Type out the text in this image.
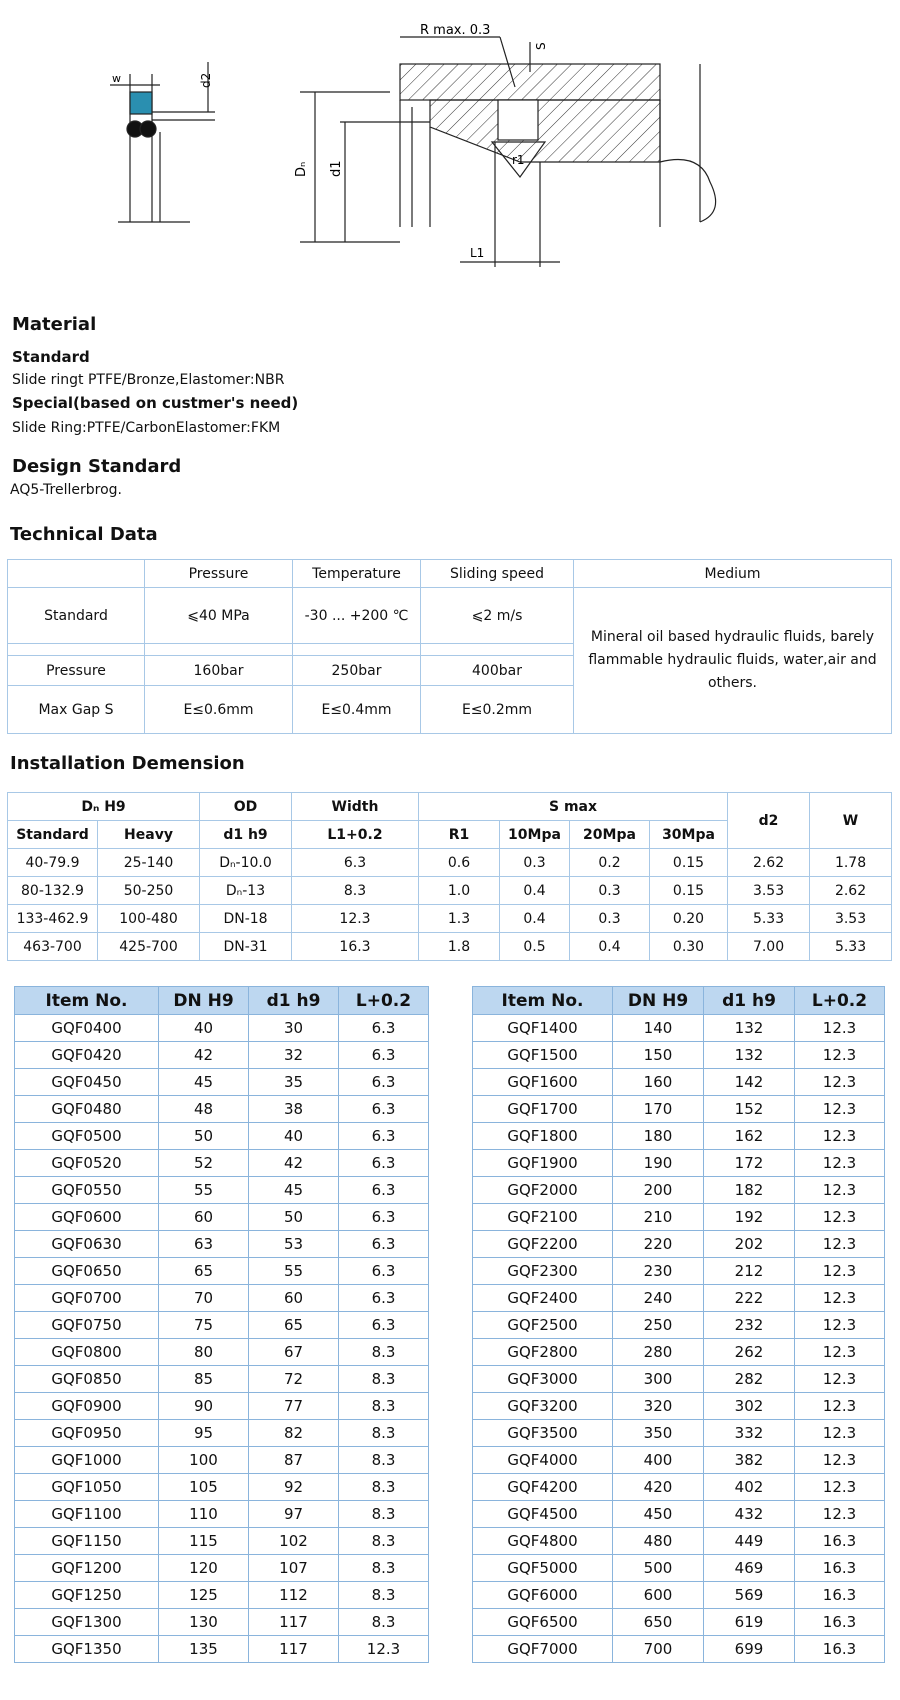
w	d2
R max. 0.3
S
Dₙ d1
r1
L1
Material
Standard
Slide ringt PTFE/Bronze,Elastomer:NBR
Special(based on custmer's need)
Slide Ring:PTFE/CarbonElastomer:FKM
Design Standard
AQ5-Trellerbrog.
Technical Data
	Pressure	Temperature	Sliding speed	Medium
Standard	⩽40 MPa	-30 ... +200 ℃	⩽2 m/s	Mineral oil based hydraulic fluids, barely flammable hydraulic fluids, water,air and others.

Pressure	160bar	250bar	400bar	
Max Gap S	E≤0.6mm	E≤0.4mm	E≤0.2mm	
Installation Demension
Dₙ H9		OD	Width	S max				d2	W
Standard	Heavy	d1 h9	L1+0.2	R1	10Mpa	20Mpa	30Mpa		
40-79.9	25-140	Dₙ-10.0	6.3	0.6	0.3	0.2	0.15	2.62	1.78
80-132.9	50-250	Dₙ-13	8.3	1.0	0.4	0.3	0.15	3.53	2.62
133-462.9	100-480	DN-18	12.3	1.3	0.4	0.3	0.20	5.33	3.53
463-700	425-700	DN-31	16.3	1.8	0.5	0.4	0.30	7.00	5.33
Item No.	DN H9	d1 h9	L+0.2
GQF0400	40	30	6.3
GQF0420	42	32	6.3
GQF0450	45	35	6.3
GQF0480	48	38	6.3
GQF0500	50	40	6.3
GQF0520	52	42	6.3
GQF0550	55	45	6.3
GQF0600	60	50	6.3
GQF0630	63	53	6.3
GQF0650	65	55	6.3
GQF0700	70	60	6.3
GQF0750	75	65	6.3
GQF0800	80	67	8.3
GQF0850	85	72	8.3
GQF0900	90	77	8.3
GQF0950	95	82	8.3
GQF1000	100	87	8.3
GQF1050	105	92	8.3
GQF1100	110	97	8.3
GQF1150	115	102	8.3
GQF1200	120	107	8.3
GQF1250	125	112	8.3
GQF1300	130	117	8.3
GQF1350	135	117	12.3
Item No.	DN H9	d1 h9	L+0.2
GQF1400	140	132	12.3
GQF1500	150	132	12.3
GQF1600	160	142	12.3
GQF1700	170	152	12.3
GQF1800	180	162	12.3
GQF1900	190	172	12.3
GQF2000	200	182	12.3
GQF2100	210	192	12.3
GQF2200	220	202	12.3
GQF2300	230	212	12.3
GQF2400	240	222	12.3
GQF2500	250	232	12.3
GQF2800	280	262	12.3
GQF3000	300	282	12.3
GQF3200	320	302	12.3
GQF3500	350	332	12.3
GQF4000	400	382	12.3
GQF4200	420	402	12.3
GQF4500	450	432	12.3
GQF4800	480	449	16.3
GQF5000	500	469	16.3
GQF6000	600	569	16.3
GQF6500	650	619	16.3
GQF7000	700	699	16.3
